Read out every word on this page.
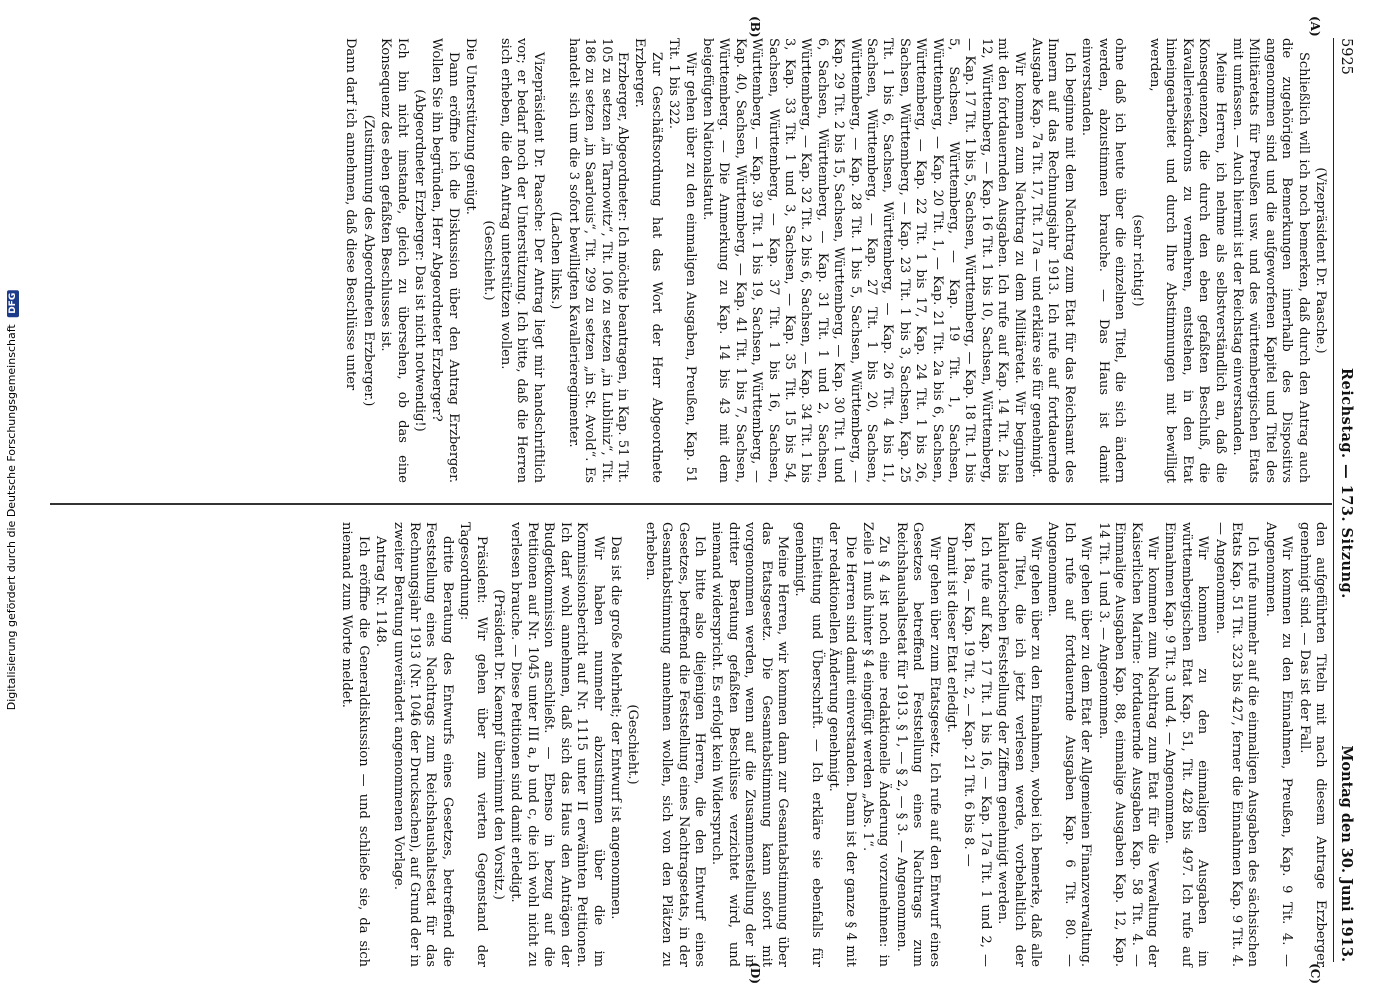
Digitalisierung gefördert durch die Deutsche Forschungsgemeinschaft DFG
5925
Reichstag. — 173. Sitzung.
Montag den 30. Juni 1913.
(A)
(B)
(C)
(D)

(Vizepräsident Dr. Paasche.)

Schließlich will ich noch bemerken, daß durch den Antrag auch die zugehörigen Bemerkungen innerhalb des Dispositivs angenommen sind und die aufgeworfenen Kapitel und Titel des Militäretats für Preußen usw. und des württembergischen Etats mit umfassen. — Auch hiermit ist der Reichstag einverstanden.

Meine Herren, ich nehme als selbstverständlich an, daß die Konsequenzen, die durch den eben gefaßten Beschluß, die Kavallerieeskadrons zu vermehren, entstehen, in den Etat hineingearbeitet und durch Ihre Abstimmungen mit bewilligt werden,

(sehr richtig!)

ohne daß ich heute über die einzelnen Titel, die sich ändern werden, abzustimmen brauche. — Das Haus ist damit einverstanden.

Ich beginne mit dem Nachtrag zum Etat für das Reichsamt des Innern auf das Rechnungsjahr 1913. Ich rufe auf fortdauernde Ausgabe Kap. 7a Tit. 17, Tit. 17a — und erkläre sie für genehmigt.

Wir kommen zum Nachtrag zu dem Militäretat. Wir beginnen mit den fortdauernden Ausgaben. Ich rufe auf Kap. 14 Tit. 2 bis 12, Württemberg, — Kap. 16 Tit. 1 bis 10, Sachsen, Württemberg, — Kap. 17 Tit. 1 bis 5, Sachsen, Württemberg, — Kap. 18 Tit. 1 bis 5, Sachsen, Württemberg, — Kap. 19 Tit. 1, Sachsen, Württemberg, — Kap. 20 Tit. 1, — Kap. 21 Tit. 2a bis 6, Sachsen, Württemberg, — Kap. 22 Tit. 1 bis 17, Kap. 24 Tit. 1 bis 26, Sachsen, Württemberg, — Kap. 23 Tit. 1 bis 3, Sachsen, Kap. 25 Tit. 1 bis 6, Sachsen, Württemberg, — Kap. 26 Tit. 4 bis 11, Sachsen, Württemberg, — Kap. 27 Tit. 1 bis 20, Sachsen, Württemberg, — Kap. 28 Tit. 1 bis 5, Sachsen, Württemberg, — Kap. 29 Tit. 2 bis 15, Sachsen, Württemberg, — Kap. 30 Tit. 1 und 6, Sachsen, Württemberg, — Kap. 31 Tit. 1 und 2, Sachsen, Württemberg, — Kap. 32 Tit. 2 bis 6, Sachsen, — Kap. 34 Tit. 1 bis 3, Kap. 33 Tit. 1 und 3, Sachsen, — Kap. 35 Tit. 15 bis 54, Sachsen, Württemberg, — Kap. 37 Tit. 1 bis 16, Sachsen, Württemberg, — Kap. 39 Tit. 1 bis 19, Sachsen, Württemberg, — Kap. 40, Sachsen, Württemberg, — Kap. 41 Tit. 1 bis 7, Sachsen, Württemberg. — Die Anmerkung zu Kap. 14 bis 43 mit dem beigefügten Nationalstatut.

Wir gehen über zu den einmaligen Ausgaben, Preußen, Kap. 51 Tit. 1 bis 322.

Zur Geschäftsordnung hat das Wort der Herr Abgeordnete Erzberger.

Erzberger, Abgeordneter: Ich möchte beantragen, in Kap. 51 Tit. 105 zu setzen „in Tarnowitz“, Tit. 106 zu setzen „in Lubliniz“, Tit. 186 zu setzen „in Saarlouis“, Tit. 299 zu setzen „in St. Avold“. Es handelt sich um die 3 sofort bewilligten Kavallerieregimenter.

(Lachen links.)

Vizepräsident Dr. Paasche: Der Antrag liegt mir handschriftlich vor; er bedarf noch der Unterstützung. Ich bitte, daß die Herren sich erheben, die den Antrag unterstützen wollen.

(Geschieht.)

Die Unterstützung genügt.

Dann eröffne ich die Diskussion über den Antrag Erzberger. Wollen Sie ihn begründen, Herr Abgeordneter Erzberger?

(Abgeordneter Erzberger: Das ist nicht notwendig!)

Ich bin nicht imstande, gleich zu übersehen, ob das eine Konsequenz des eben gefaßten Beschlusses ist.

(Zustimmung des Abgeordneten Erzberger.)

Dann darf ich annehmen, daß diese Beschlüsse unter

den aufgeführten Titeln mit nach diesem Antrage Erzberger genehmigt sind. — Das ist der Fall.

Wir kommen zu den Einnahmen, Preußen, Kap. 9 Tit. 4. — Angenommen.

Ich rufe nunmehr auf die einmaligen Ausgaben des sächsischen Etats Kap. 51 Tit. 323 bis 427, ferner die Einnahmen Kap. 9 Tit. 4. — Angenommen.

Wir kommen zu den einmaligen Ausgaben im württembergischen Etat Kap. 51, Tit. 428 bis 497. Ich rufe auf Einnahmen Kap. 9 Tit. 3 und 4. — Angenommen.

Wir kommen zum Nachtrag zum Etat für die Verwaltung der Kaiserlichen Marine: fortdauernde Ausgaben Kap. 58 Tit. 4. — Einmalige Ausgaben Kap. 88, einmalige Ausgaben Kap. 12, Kap. 14 Tit. 1 und 3. — Angenommen.

Wir gehen über zu dem Etat der Allgemeinen Finanzverwaltung. Ich rufe auf fortdauernde Ausgaben Kap. 6 Tit. 80. — Angenommen.

Wir gehen über zu den Einnahmen, wobei ich bemerke, daß alle die Titel, die ich jetzt verlesen werde, vorbehaltlich der kalkulatorischen Feststellung der Ziffern genehmigt werden.

Ich rufe auf Kap. 17 Tit. 1 bis 16, — Kap. 17a Tit. 1 und 2, — Kap. 18a, — Kap. 19 Tit. 2, — Kap. 21 Tit. 6 bis 8. —

Damit ist dieser Etat erledigt.

Wir gehen über zum Etatsgesetz. Ich rufe auf den Entwurf eines Gesetzes betreffend Feststellung eines Nachtrags zum Reichshaushaltsetat für 1913. § 1, — § 2, — § 3. — Angenommen.

Zu § 4 ist noch eine redaktionelle Änderung vorzunehmen: in Zeile 1 muß hinter § 4 eingefügt werden „Abs. 1“.

Die Herren sind damit einverstanden. Dann ist der ganze § 4 mit der redaktionellen Änderung genehmigt.

Einleitung und Überschrift. — Ich erkläre sie ebenfalls für genehmigt.

Meine Herren, wir kommen dann zur Gesamtabstimmung über das Etatsgesetz. Die Gesamtabstimmung kann sofort mit vorgenommen werden, wenn auf die Zusammenstellung der in dritter Beratung gefaßten Beschlüsse verzichtet wird, und niemand widerspricht. Es erfolgt kein Widerspruch.

Ich bitte also diejenigen Herren, die den Entwurf eines Gesetzes, betreffend die Feststellung eines Nachtragsetats, in der Gesamtabstimmung annehmen wollen, sich von den Plätzen zu erheben.

(Geschieht.)

Das ist die große Mehrheit; der Entwurf ist angenommen.

Wir haben nunmehr abzustimmen über die im Kommissionsbericht auf Nr. 1115 unter II erwähnten Petitionen. Ich darf wohl annehmen, daß sich das Haus den Anträgen der Budgetkommission anschließt. — Ebenso in bezug auf die Petitionen auf Nr. 1045 unter III a, b und c, die ich wohl nicht zu verlesen brauche. — Diese Petitionen sind damit erledigt.

(Präsident Dr. Kaempf übernimmt den Vorsitz.)

Präsident: Wir gehen über zum vierten Gegenstand der Tagesordnung:

dritte Beratung des Entwurfs eines Gesetzes, betreffend die Feststellung eines Nachtrags zum Reichshaushaltsetat für das Rechnungsjahr 1913 (Nr. 1046 der Drucksachen), auf Grund der in zweiter Beratung unverändert angenommenen Vorlage.

Antrag Nr. 1148.

Ich eröffne die Generaldiskussion — und schließe sie, da sich niemand zum Worte meldet.
